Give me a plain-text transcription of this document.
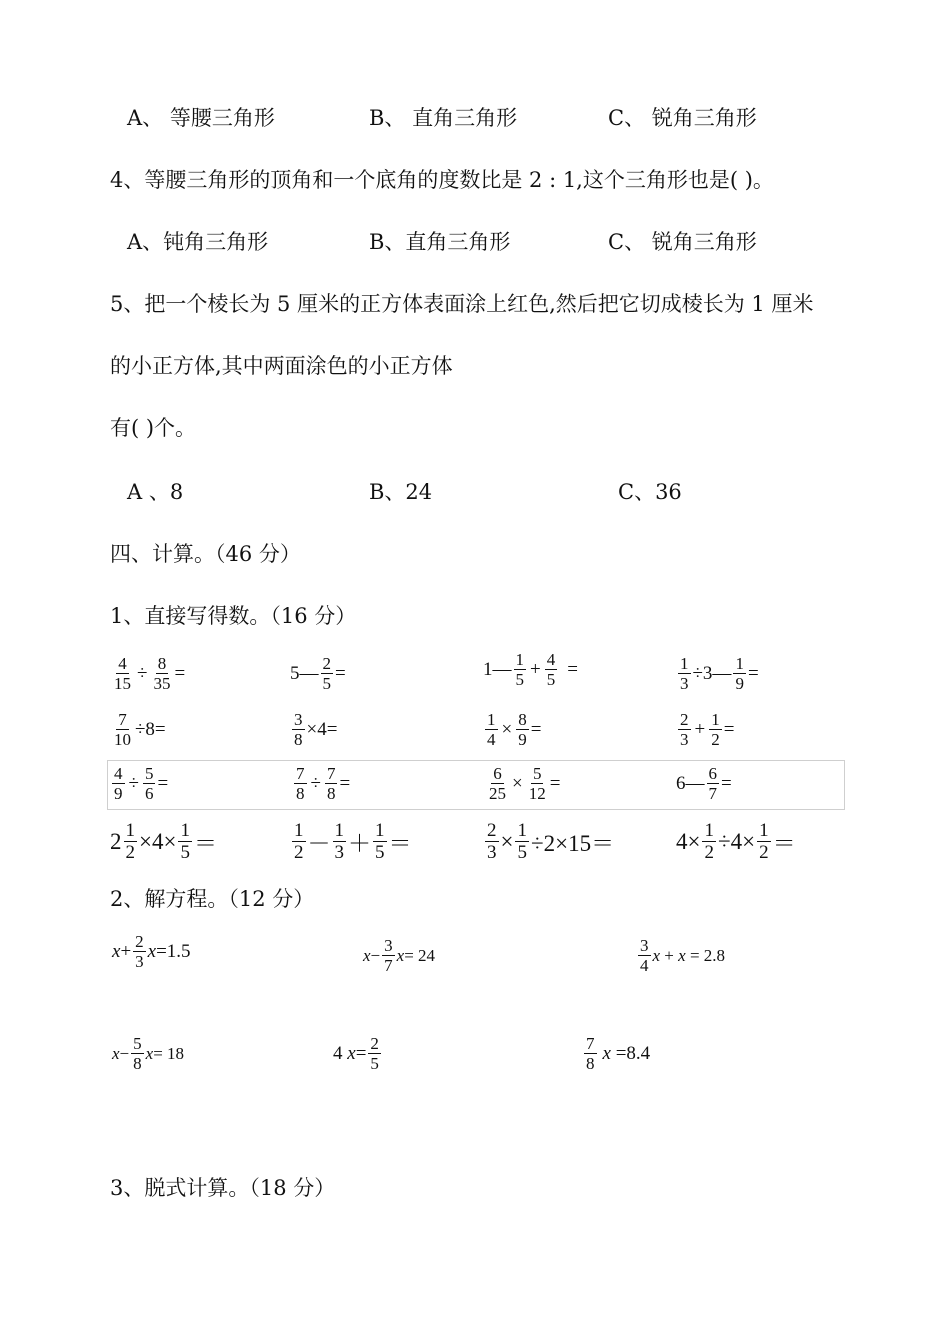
A、 等腰三角形	B、 直角三角形	C、 锐角三角形
4、等腰三角形的顶角和一个底角的度数比是 2 : 1,这个三角形也是( )。
A、钝角三角形	B、直角三角形	C、 锐角三角形
5、把一个棱长为 5 厘米的正方体表面涂上红色,然后把它切成棱长为 1 厘米
的小正方体,其中两面涂色的小正方体
有( )个。
A 、8	B、24	C、36
四、计算。（46 分）
1、直接写得数。（16 分）
$\frac{4}{15} \div \frac{8}{35}$ =	5— $\frac{2}{5}$ =	1— $\frac{1}{5} + \frac{4}{5}$ =	$\frac{1}{3}$ ÷3— $\frac{1}{9}$ =
$\frac{7}{10} \div 8=$	$\frac{3}{8} \times 4=$	$\frac{1}{4} \times \frac{8}{9}$ =	$\frac{2}{3} + \frac{1}{2}$ =
$\frac{4}{9} \div \frac{5}{6}$ =	$\frac{7}{8} \div \frac{7}{8}$ =	$\frac{6}{25} \times \frac{5}{12}$ =	6— $\frac{6}{7}$ =
$2 \frac{1}{2} \times 4\times \frac{1}{5}$ ＝	$\frac{1}{2} - \frac{1}{3} + \frac{1}{5}$ ＝	$\frac{2}{3} \times \frac{1}{5} \div 2\times 15=$	$4\times \frac{1}{2} \div 4\times \frac{1}{2}$ ＝
2、解方程。（12 分）
$x + \frac{2}{3}$ x =1.5	$x - \frac{3}{7}$ x = 24	$\frac{3}{4}$ x + x = 2.8
$x - \frac{5}{8}$ x = 18	4 $x = \frac{2}{5}$	$\frac{7}{8}$ x =8.4
3、脱式计算。（18 分）
